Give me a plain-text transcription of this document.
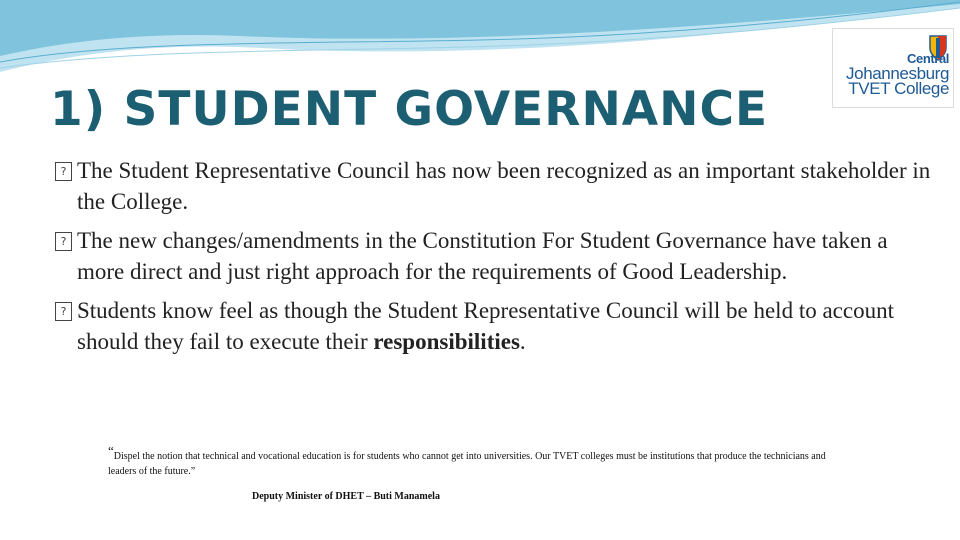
Central
Johannesburg
TVET College
1) STUDENT GOVERNANCE
? The Student Representative Council has now been recognized as an important stakeholder in the College.
? The new changes/amendments in the Constitution For Student Governance have taken a more direct and just right approach for the requirements of Good Leadership.
? Students know feel as though the Student Representative Council will be held to account should they fail to execute their responsibilities.

“Dispel the notion that technical and vocational education is for students who cannot get into universities. Our TVET colleges must be institutions that produce the technicians and leaders of the future.”

Deputy Minister of DHET – Buti Manamela
